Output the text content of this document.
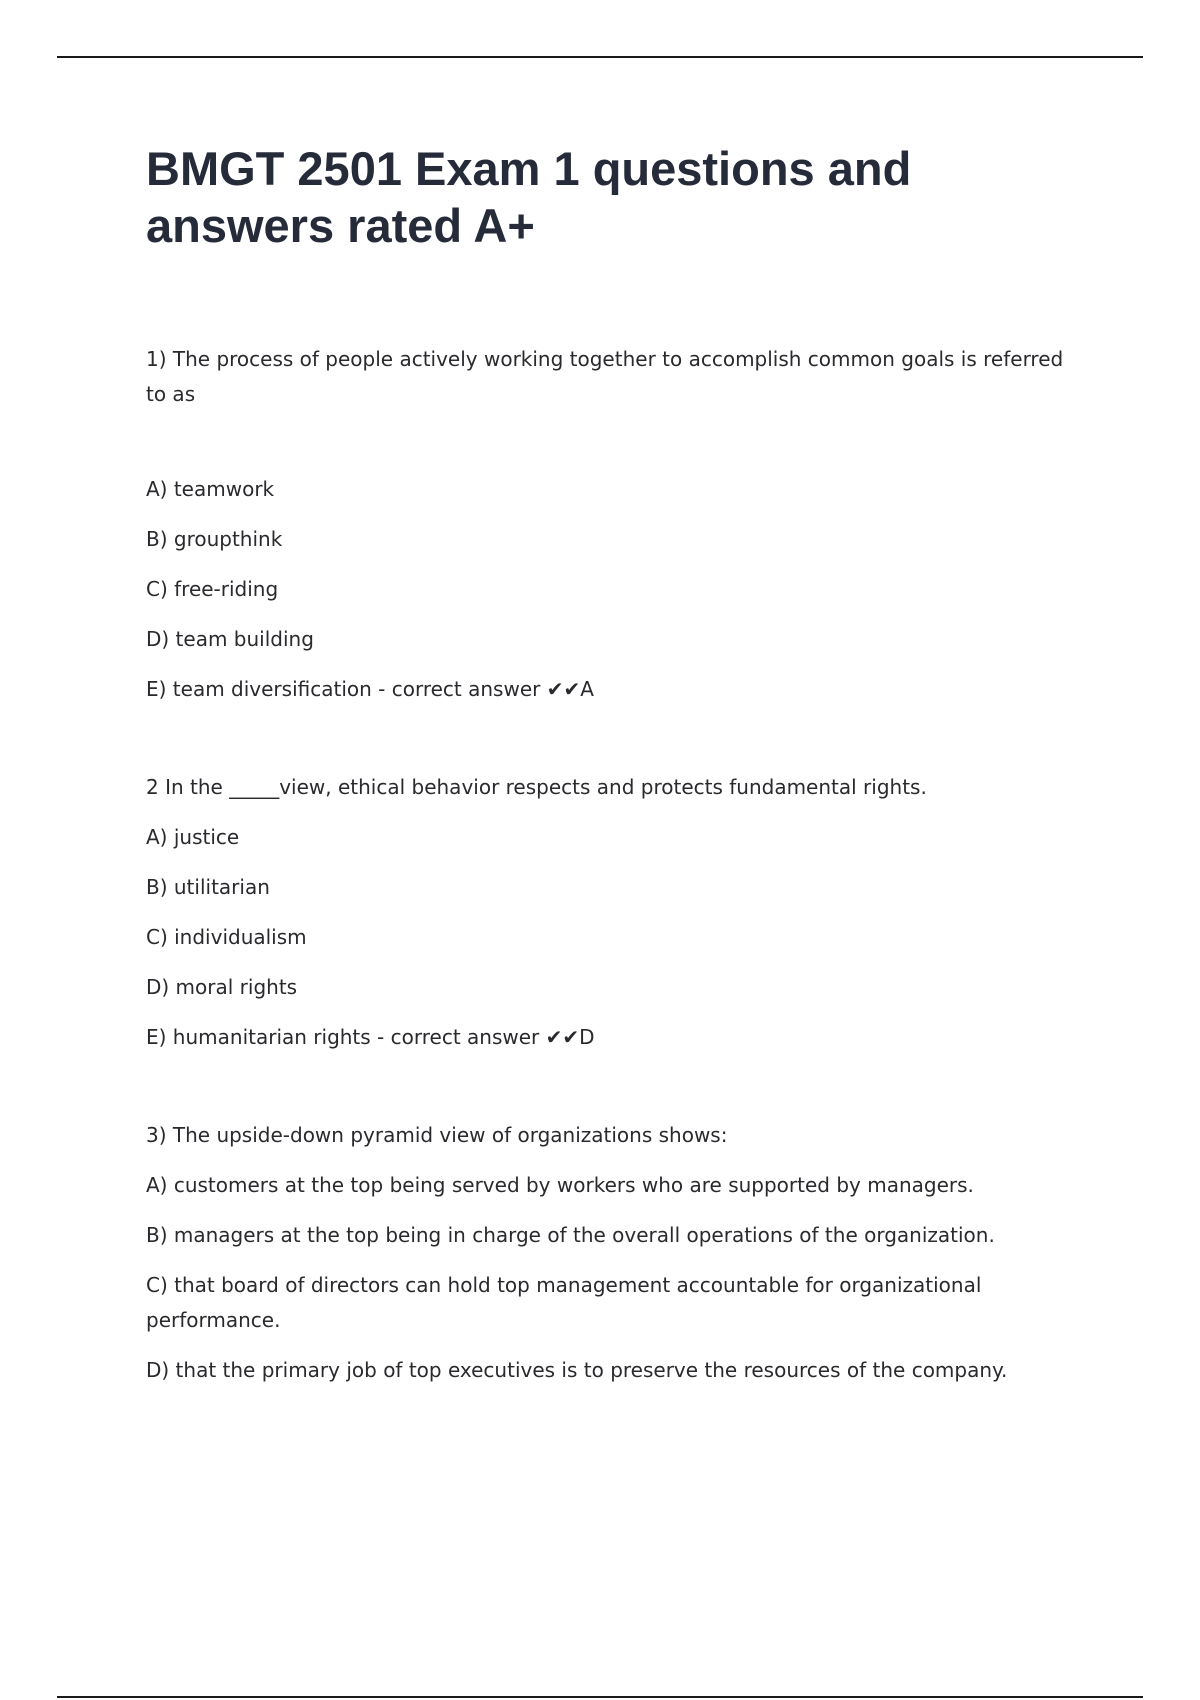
BMGT 2501 Exam 1 questions and answers rated A+

1) The process of people actively working together to accomplish common goals is referred to as

A) teamwork

B) groupthink

C) free-riding

D) team building

E) team diversification - correct answer ✔✔A

2 In the _____view, ethical behavior respects and protects fundamental rights.

A) justice

B) utilitarian

C) individualism

D) moral rights

E) humanitarian rights - correct answer ✔✔D

3) The upside-down pyramid view of organizations shows:

A) customers at the top being served by workers who are supported by managers.

B) managers at the top being in charge of the overall operations of the organization.

C) that board of directors can hold top management accountable for organizational performance.

D) that the primary job of top executives is to preserve the resources of the company.
